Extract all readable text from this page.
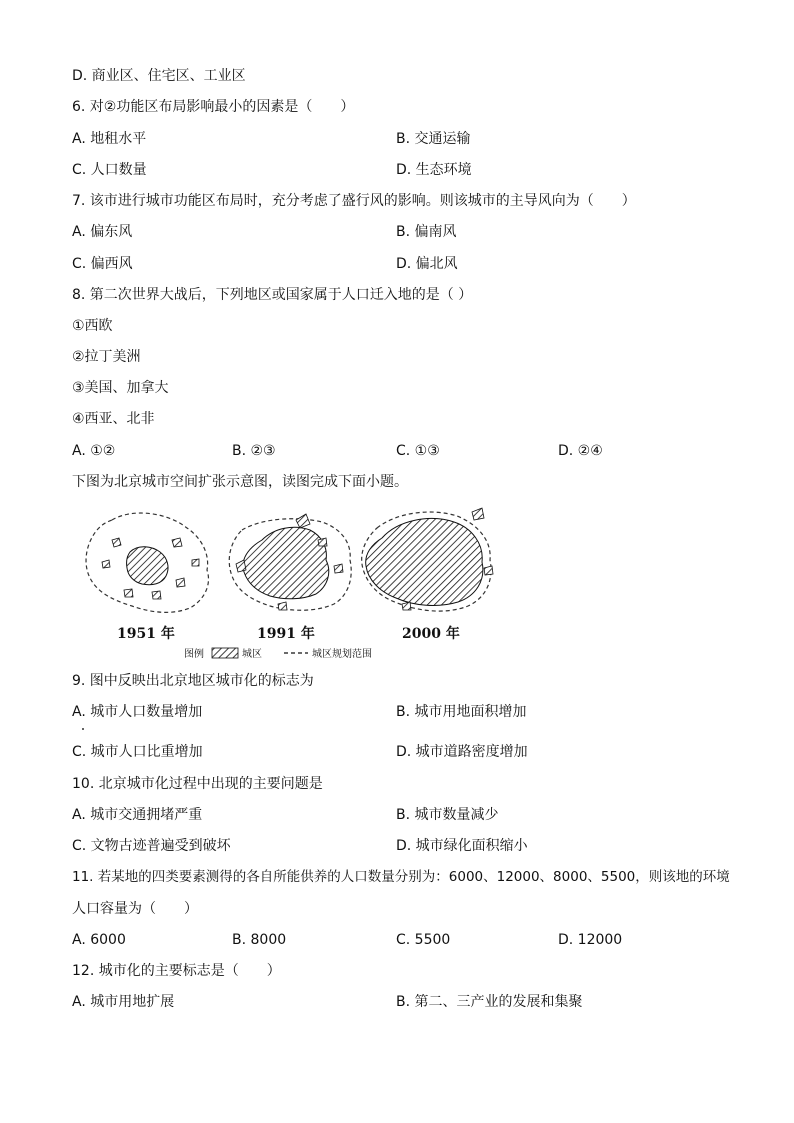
D. 商业区、住宅区、工业区
6. 对②功能区布局影响最小的因素是（　　）
A. 地租水平	B. 交通运输
C. 人口数量	D. 生态环境
7. 该市进行城市功能区布局时，充分考虑了盛行风的影响。则该城市的主导风向为（　　）
A. 偏东风	B. 偏南风
C. 偏西风	D. 偏北风
8. 第二次世界大战后，下列地区或国家属于人口迁入地的是（ ）
①西欧
②拉丁美洲
③美国、加拿大
④西亚、北非
A. ①②	B. ②③	C. ①③	D. ②④
下图为北京城市空间扩张示意图，读图完成下面小题。
1951 年	1991 年	2000 年
图例	城区	城区规划范围
9. 图中反映出北京地区城市化的标志为
A. 城市人口数量增加	B. 城市用地面积增加
C. 城市人口比重增加	D. 城市道路密度增加
10. 北京城市化过程中出现的主要问题是
A. 城市交通拥堵严重	B. 城市数量减少
C. 文物古迹普遍受到破坏	D. 城市绿化面积缩小
11. 若某地的四类要素测得的各自所能供养的人口数量分别为：6000、12000、8000、5500，则该地的环境
人口容量为（　　）
A. 6000	B. 8000	C. 5500	D. 12000
12. 城市化的主要标志是（　　）
A. 城市用地扩展	B. 第二、三产业的发展和集聚
